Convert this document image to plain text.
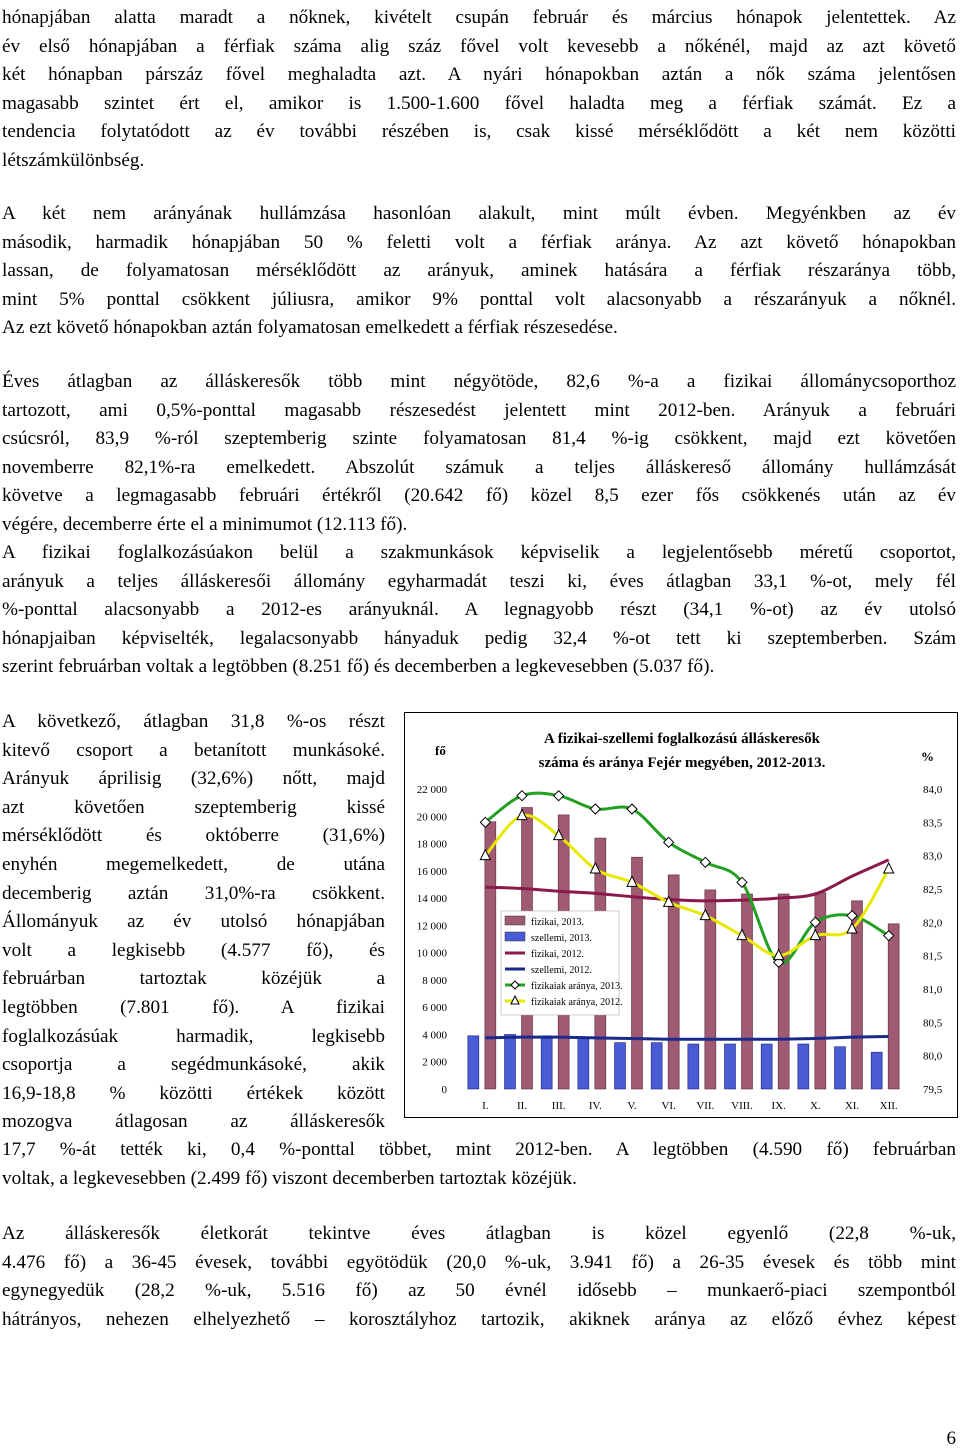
hónapjában alatta maradt a nőknek, kivételt csupán február és március hónapok jelentettek. Az
év első hónapjában a férfiak száma alig száz fővel volt kevesebb a nőkénél, majd az azt követő
két hónapban párszáz fővel meghaladta azt. A nyári hónapokban aztán a nők száma jelentősen
magasabb szintet ért el, amikor is 1.500-1.600 fővel haladta meg a férfiak számát. Ez a
tendencia folytatódott az év további részében is, csak kissé mérséklődött a két nem közötti
létszámkülönbség.

A két nem arányának hullámzása hasonlóan alakult, mint múlt évben. Megyénkben az év
második, harmadik hónapjában 50 % feletti volt a férfiak aránya. Az azt követő hónapokban
lassan, de folyamatosan mérséklődött az arányuk, aminek hatására a férfiak részaránya több,
mint 5% ponttal csökkent júliusra, amikor 9% ponttal volt alacsonyabb a részarányuk a nőknél.
Az ezt követő hónapokban aztán folyamatosan emelkedett a férfiak részesedése.

Éves átlagban az álláskeresők több mint négyötöde, 82,6 %-a a fizikai állománycsoporthoz
tartozott, ami 0,5%-ponttal magasabb részesedést jelentett mint 2012-ben. Arányuk a februári
csúcsról, 83,9 %-ról szeptemberig szinte folyamatosan 81,4 %-ig csökkent, majd ezt követően
novemberre 82,1%-ra emelkedett. Abszolút számuk a teljes álláskereső állomány hullámzását
követve a legmagasabb februári értékről (20.642 fő) közel 8,5 ezer fős csökkenés után az év
végére, decemberre érte el a minimumot (12.113 fő).

A fizikai foglalkozásúakon belül a szakmunkások képviselik a legjelentősebb méretű csoportot,
arányuk a teljes álláskeresői állomány egyharmadát teszi ki, éves átlagban 33,1 %-ot, mely fél
%-ponttal alacsonyabb a 2012-es arányuknál. A legnagyobb részt (34,1 %-ot) az év utolsó
hónapjaiban képviselték, legalacsonyabb hányaduk pedig 32,4 %-ot tett ki szeptemberben. Szám
szerint februárban voltak a legtöbben (8.251 fő) és decemberben a legkevesebben (5.037 fő).

A következő, átlagban 31,8 %-os részt
kitevő csoport a betanított munkásoké.
Arányuk áprilisig (32,6%) nőtt, majd
azt követően szeptemberig kissé
mérséklődött és októberre (31,6%)
enyhén megemelkedett, de utána
decemberig aztán 31,0%-ra csökkent.
Állományuk az év utolsó hónapjában
volt a legkisebb (4.577 fő), és
februárban tartoztak közéjük a
legtöbben (7.801 fő). A fizikai
foglalkozásúak harmadik, legkisebb
csoportja a segédmunkásoké, akik
16,9-18,8 % közötti értékek között
mozogva átlagosan az álláskeresők

17,7 %-át tették ki, 0,4 %-ponttal többet, mint 2012-ben. A legtöbben (4.590 fő) februárban
voltak, a legkevesebben (2.499 fő) viszont decemberben tartoztak közéjük.

Az álláskeresők életkorát tekintve éves átlagban is közel egyenlő (22,8 %-uk,
4.476 fő) a 36-45 évesek, további egyötödük (20,0 %-uk, 3.941 fő) a 26-35 évesek és több mint
egynegyedük (28,2 %-uk, 5.516 fő) az 50 évnél idősebb – munkaerő-piaci szempontból
hátrányos, nehezen elhelyezhető – korosztályhoz tartozik, akiknek aránya az előző évhez képest

A fizikai-szellemi foglalkozású álláskeresők
száma és aránya Fejér megyében, 2012-2013.
fő	%
0
2 000
4 000
6 000
8 000
10 000
12 000
14 000
16 000
18 000
20 000
22 000
79,5
80,0
80,5
81,0
81,5
82,0
82,5
83,0
83,5
84,0
I.	II. III. IV. V. VI. VII. VIII. IX. X. XI. XII.
fizikai, 2013.
szellemi, 2013.
fizikai, 2012.
szellemi, 2012.
fizikaiak aránya, 2013.
fizikaiak aránya, 2012.
6
